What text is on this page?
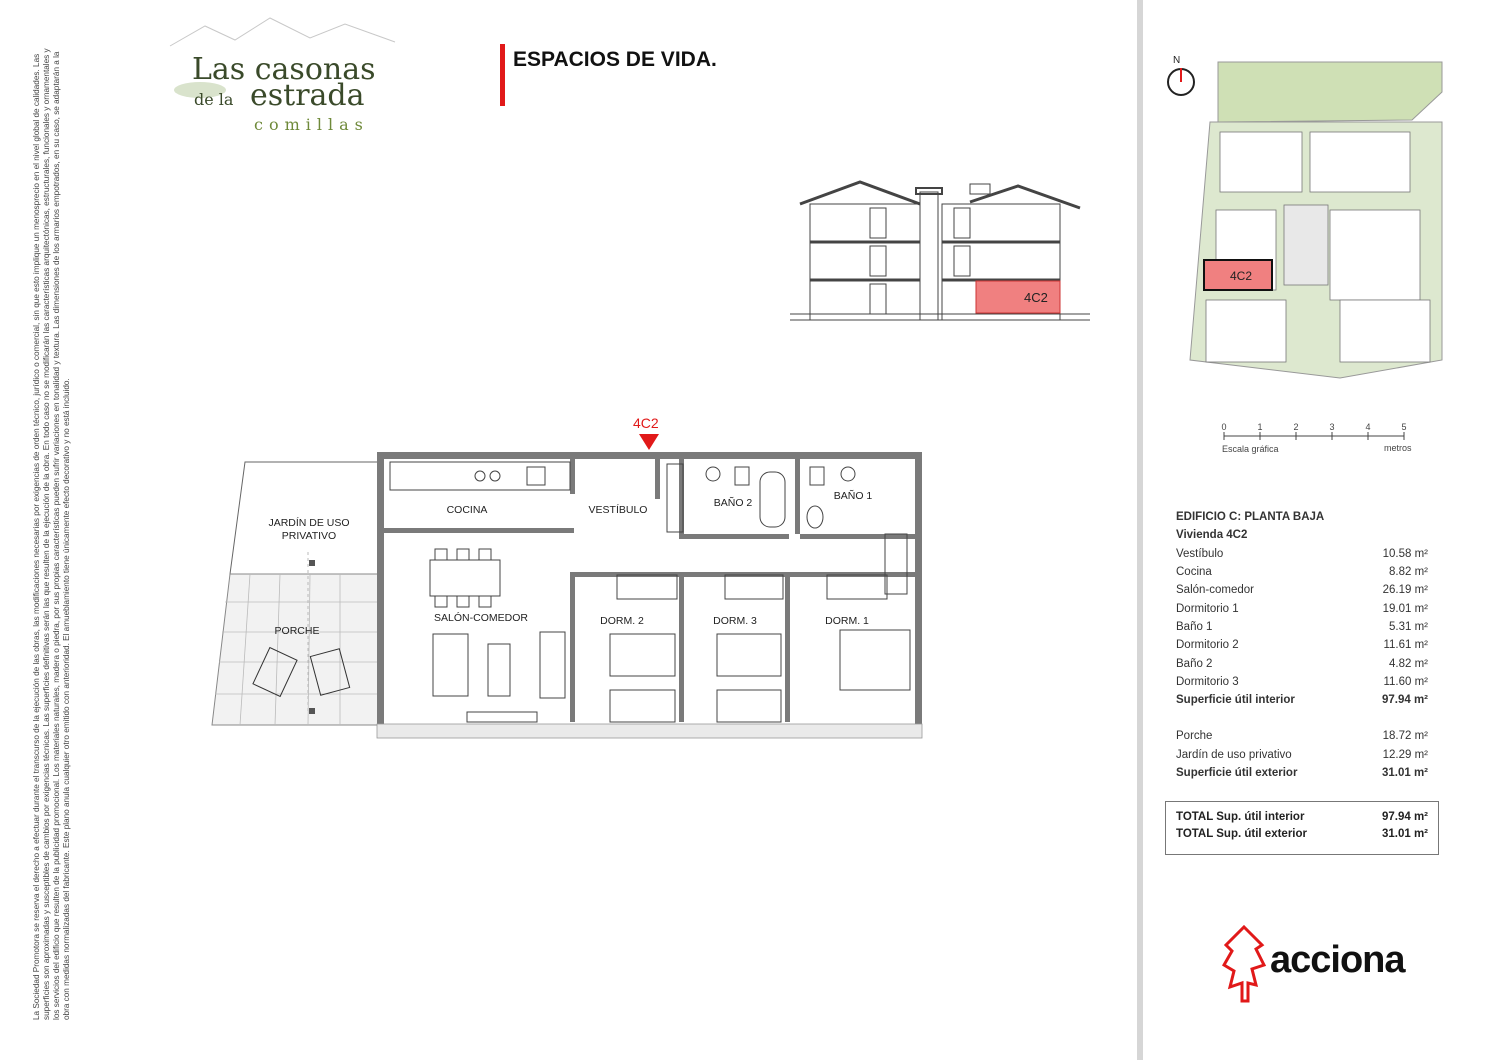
La Sociedad Promotora se reserva el derecho a efectuar durante el transcurso de la ejecución de las obras, las modificaciones necesarias por exigencias de orden técnico, jurídico o comercial, sin que esto implique un menosprecio en el nivel global de calidades. Las superficies son aproximadas y susceptibles de cambios por exigencias técnicas. Las superficies definitivas serán las que resulten de la ejecución de la obra. En todo caso no se modificarán las características arquitectónicas, estructurales, funcionales y ornamentales y los servicios del edificio que resulten de la publicidad promocional. Los materiales naturales, madera o piedra, por sus propias características pueden sufrir variaciones en tonalidad y textura. Las dimensiones de los armarios empotrados, en su caso, se adaptarán a la obra con medidas normalizadas del fabricante. Este plano anula cualquier otro emitido con anterioridad. El amueblamiento tiene únicamente efecto decorativo y no está incluido.
Las casonas
de la estrada
comillas
ESPACIOS DE VIDA.
4C2
4C2
COCINA	VESTÍBULO
BAÑO 2
BAÑO 1
JARDÍN DE USO
PRIVATIVO
PORCHE
SALÓN-COMEDOR	DORM. 2	DORM. 3	DORM. 1
N
4C2
0	1	2	3	4	5
Escala gráfica	metros
EDIFICIO C: PLANTA BAJA
Vivienda 4C2
Vestíbulo	10.58 m²
Cocina	8.82 m²
Salón-comedor	26.19 m²
Dormitorio 1	19.01 m²
Baño 1	5.31 m²
Dormitorio 2	11.61 m²
Baño 2	4.82 m²
Dormitorio 3	11.60 m²
Superficie útil interior	97.94 m²
Porche	18.72 m²
Jardín de uso privativo	12.29 m²
Superficie útil exterior	31.01 m²
TOTAL Sup. útil interior	97.94 m²
TOTAL Sup. útil exterior	31.01 m²
acciona
